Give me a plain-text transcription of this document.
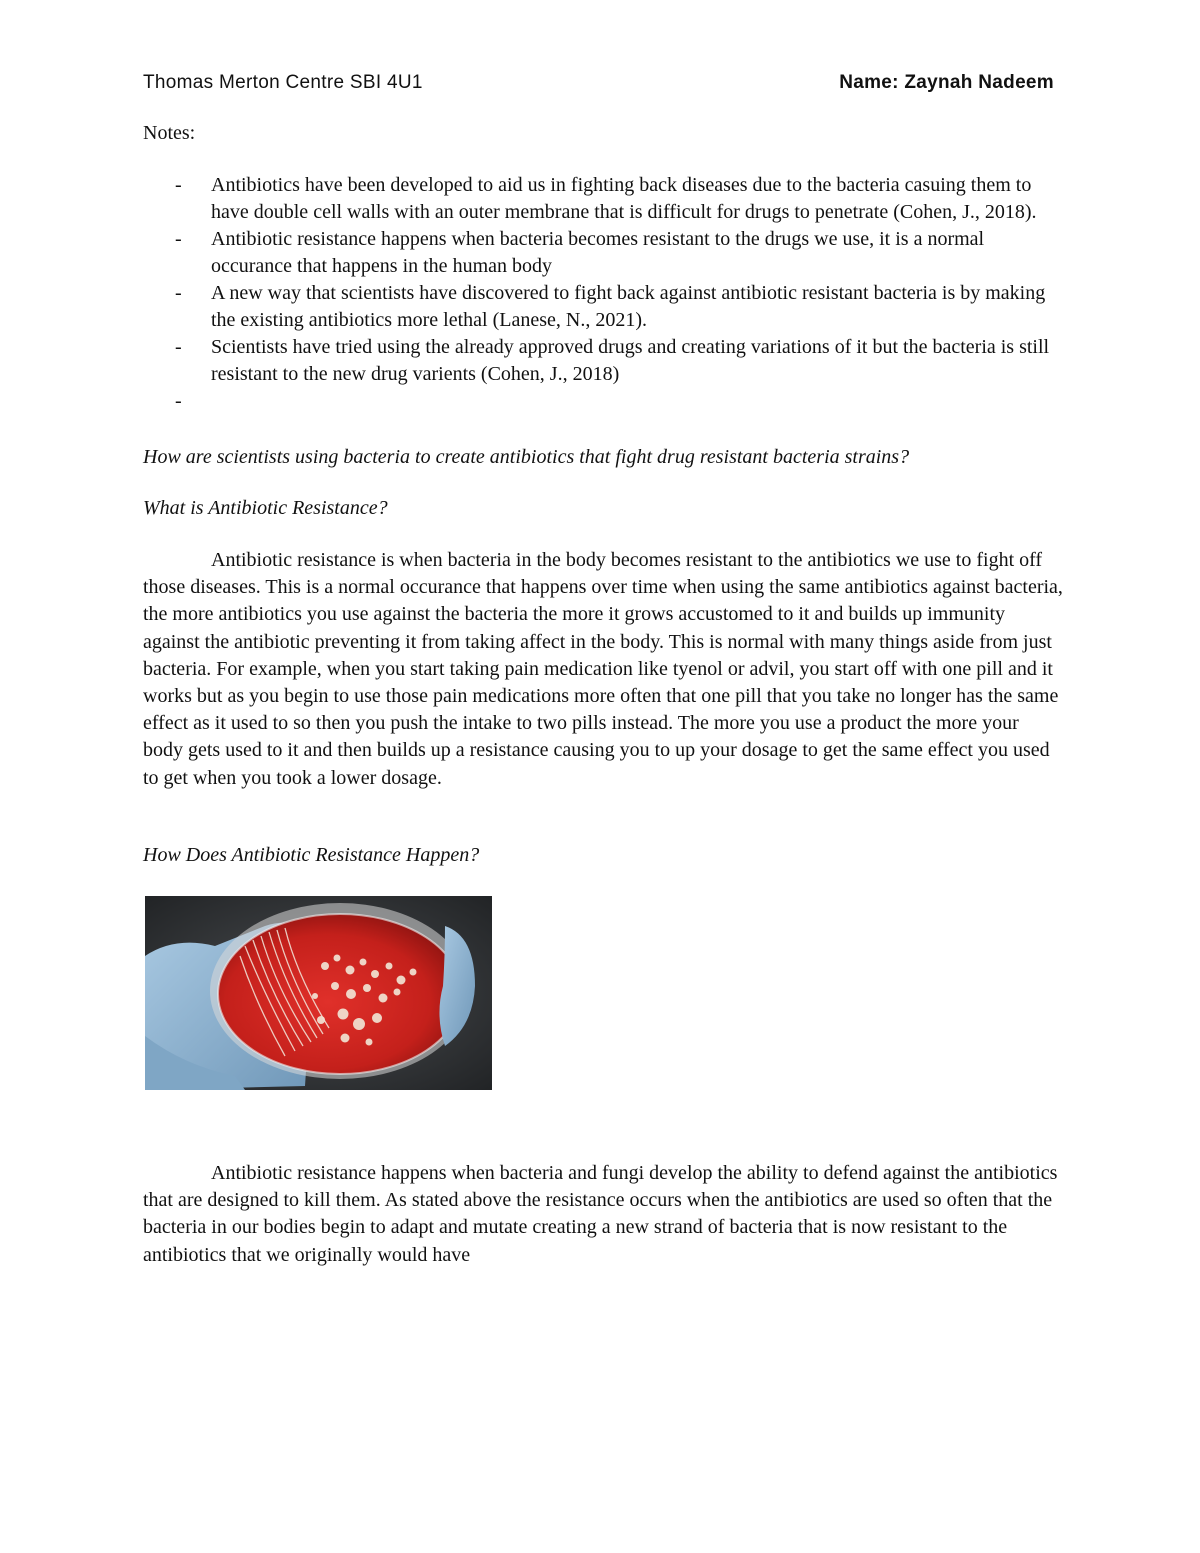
Thomas Merton Centre SBI 4U1	Name: Zaynah Nadeem
Notes:
- Antibiotics have been developed to aid us in fighting back diseases due to the bacteria casuing them to have double cell walls with an outer membrane that is difficult for drugs to penetrate (Cohen, J., 2018).
- Antibiotic resistance happens when bacteria becomes resistant to the drugs we use, it is a normal occurance that happens in the human body
- A new way that scientists have discovered to fight back against antibiotic resistant bacteria is by making the existing antibiotics more lethal (Lanese, N., 2021).
- Scientists have tried using the already approved drugs and creating variations of it but the bacteria is still resistant to the new drug varients (Cohen, J., 2018)
-
How are scientists using bacteria to create antibiotics that fight drug resistant bacteria strains?
What is Antibiotic Resistance?

Antibiotic resistance is when bacteria in the body becomes resistant to the antibiotics we use to fight off those diseases. This is a normal occurance that happens over time when using the same antibiotics against bacteria, the more antibiotics you use against the bacteria the more it grows accustomed to it and builds up immunity against the antibiotic preventing it from taking affect in the body. This is normal with many things aside from just bacteria. For example, when you start taking pain medication like tyenol or advil, you start off with one pill and it works but as you begin to use those pain medications more often that one pill that you take no longer has the same effect as it used to so then you push the intake to two pills instead. The more you use a product the more your body gets used to it and then builds up a resistance causing you to up your dosage to get the same effect you used to get when you took a lower dosage.

How Does Antibiotic Resistance Happen?

Antibiotic resistance happens when bacteria and fungi develop the ability to defend against the antibiotics that are designed to kill them. As stated above the resistance occurs when the antibiotics are used so often that the bacteria in our bodies begin to adapt and mutate creating a new strand of bacteria that is now resistant to the antibiotics that we originally would have
